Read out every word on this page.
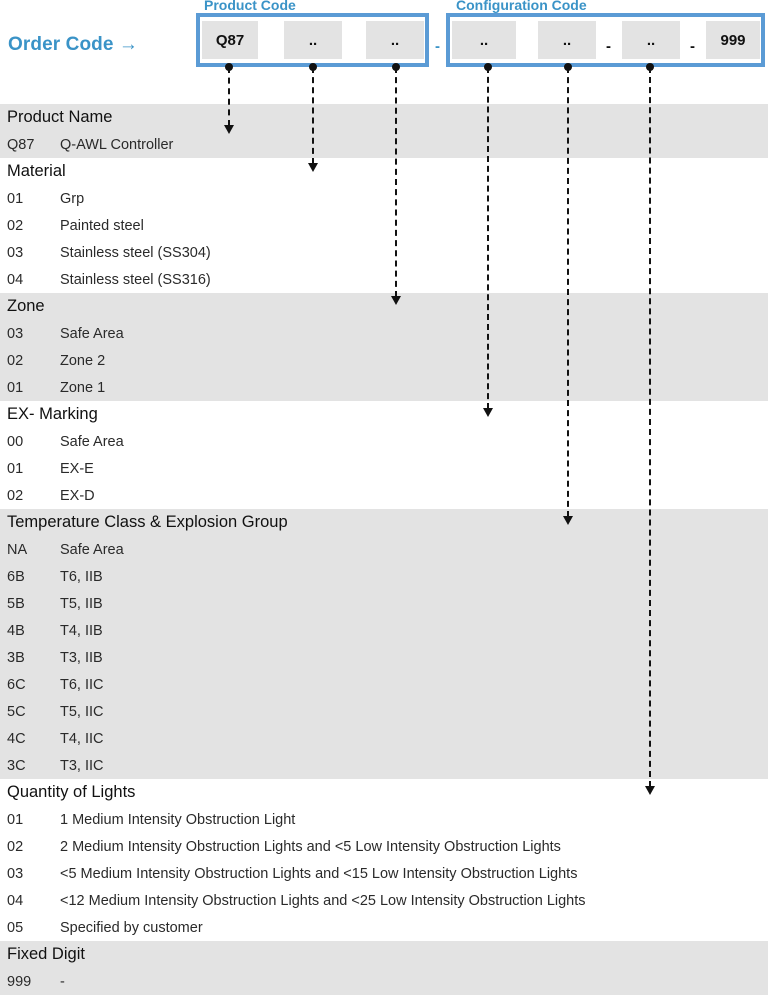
Order Code →
Product Code	Configuration Code
Q87	..	..	-	..	..	-	..	-	999
Product Name
Q87	Q-AWL Controller
Material
01	Grp
02	Painted steel
03	Stainless steel (SS304)
04	Stainless steel (SS316)
Zone
03	Safe Area
02	Zone 2
01	Zone 1
EX- Marking
00	Safe Area
01	EX-E
02	EX-D
Temperature Class & Explosion Group
NA	Safe Area
6B	T6, IIB
5B	T5, IIB
4B	T4, IIB
3B	T3, IIB
6C	T6, IIC
5C	T5, IIC
4C	T4, IIC
3C	T3, IIC
Quantity of Lights
01	1 Medium Intensity Obstruction Light
02	2 Medium Intensity Obstruction Lights and <5 Low Intensity Obstruction Lights
03	<5 Medium Intensity Obstruction Lights and <15 Low Intensity Obstruction Lights
04	<12 Medium Intensity Obstruction Lights and <25 Low Intensity Obstruction Lights
05	Specified by customer
Fixed Digit
999	-
